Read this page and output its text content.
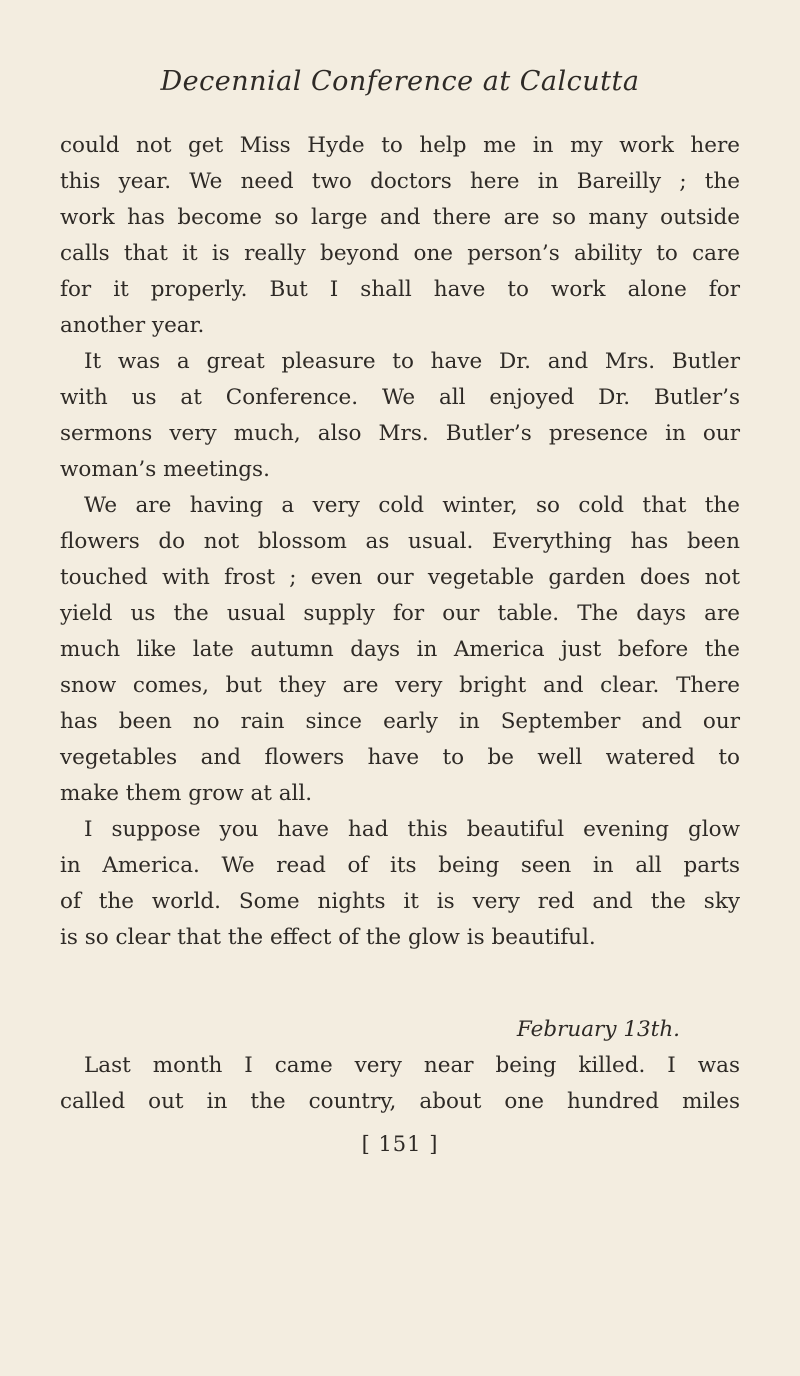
Decennial Conference at Calcutta
could not get Miss Hyde to help me in my work here
this year. We need two doctors here in Bareilly ; the
work has become so large and there are so many outside
calls that it is really beyond one person’s ability to care
for it properly. But I shall have to work alone for
another year.
It was a great pleasure to have Dr. and Mrs. Butler
with us at Conference. We all enjoyed Dr. Butler’s
sermons very much, also Mrs. Butler’s presence in our
woman’s meetings.
We are having a very cold winter, so cold that the
flowers do not blossom as usual. Everything has been
touched with frost ; even our vegetable garden does not
yield us the usual supply for our table. The days are
much like late autumn days in America just before the
snow comes, but they are very bright and clear. There
has been no rain since early in September and our
vegetables and flowers have to be well watered to
make them grow at all.
I suppose you have had this beautiful evening glow
in America. We read of its being seen in all parts
of the world. Some nights it is very red and the sky
is so clear that the effect of the glow is beautiful.
February 13th.
Last month I came very near being killed. I was
called out in the country, about one hundred miles
[ 151 ]
